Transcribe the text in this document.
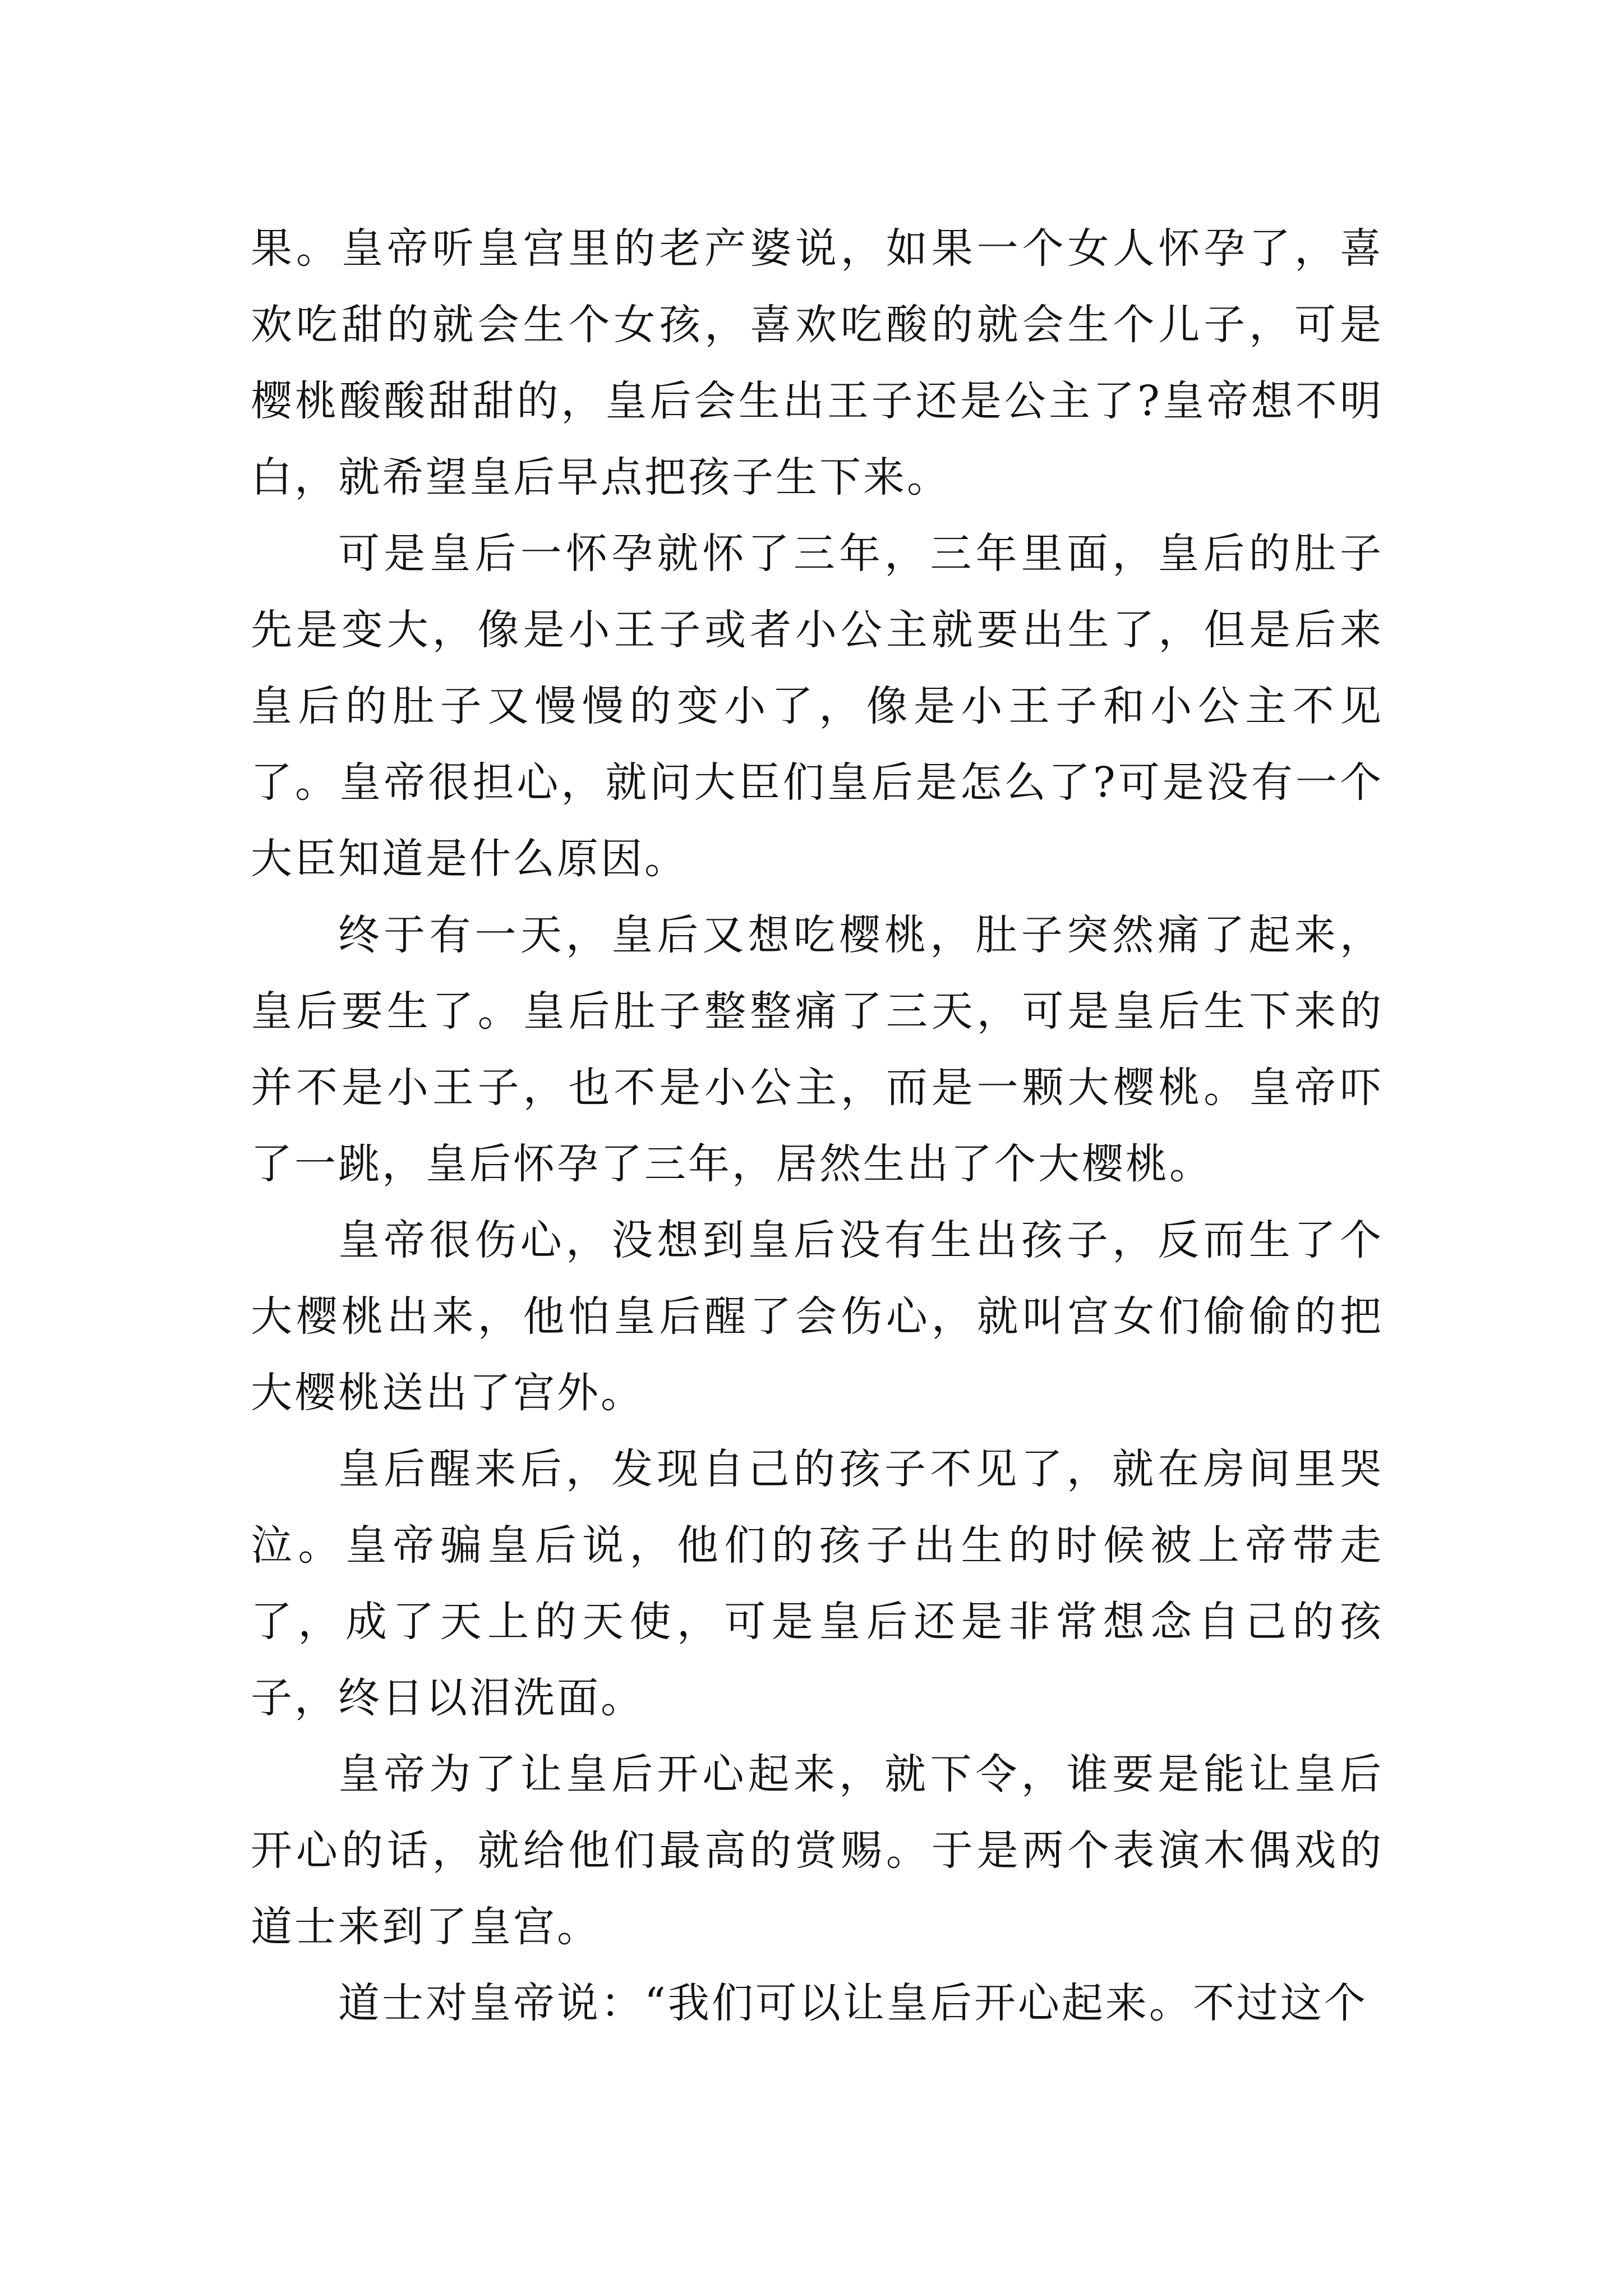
果。皇帝听皇宫里的老产婆说，如果一个女人怀孕了，喜欢吃甜的就会生个女孩，喜欢吃酸的就会生个儿子，可是樱桃酸酸甜甜的，皇后会生出王子还是公主了?皇帝想不明白，就希望皇后早点把孩子生下来。

可是皇后一怀孕就怀了三年，三年里面，皇后的肚子先是变大，像是小王子或者小公主就要出生了，但是后来皇后的肚子又慢慢的变小了，像是小王子和小公主不见了。皇帝很担心，就问大臣们皇后是怎么了?可是没有一个大臣知道是什么原因。

终于有一天，皇后又想吃樱桃，肚子突然痛了起来，皇后要生了。皇后肚子整整痛了三天，可是皇后生下来的并不是小王子，也不是小公主，而是一颗大樱桃。皇帝吓了一跳，皇后怀孕了三年，居然生出了个大樱桃。

皇帝很伤心，没想到皇后没有生出孩子，反而生了个大樱桃出来，他怕皇后醒了会伤心，就叫宫女们偷偷的把大樱桃送出了宫外。

皇后醒来后，发现自己的孩子不见了，就在房间里哭泣。皇帝骗皇后说，他们的孩子出生的时候被上帝带走了，成了天上的天使，可是皇后还是非常想念自己的孩子，终日以泪洗面。

皇帝为了让皇后开心起来，就下令，谁要是能让皇后开心的话，就给他们最高的赏赐。于是两个表演木偶戏的道士来到了皇宫。

道士对皇帝说：“我们可以让皇后开心起来。不过这个
